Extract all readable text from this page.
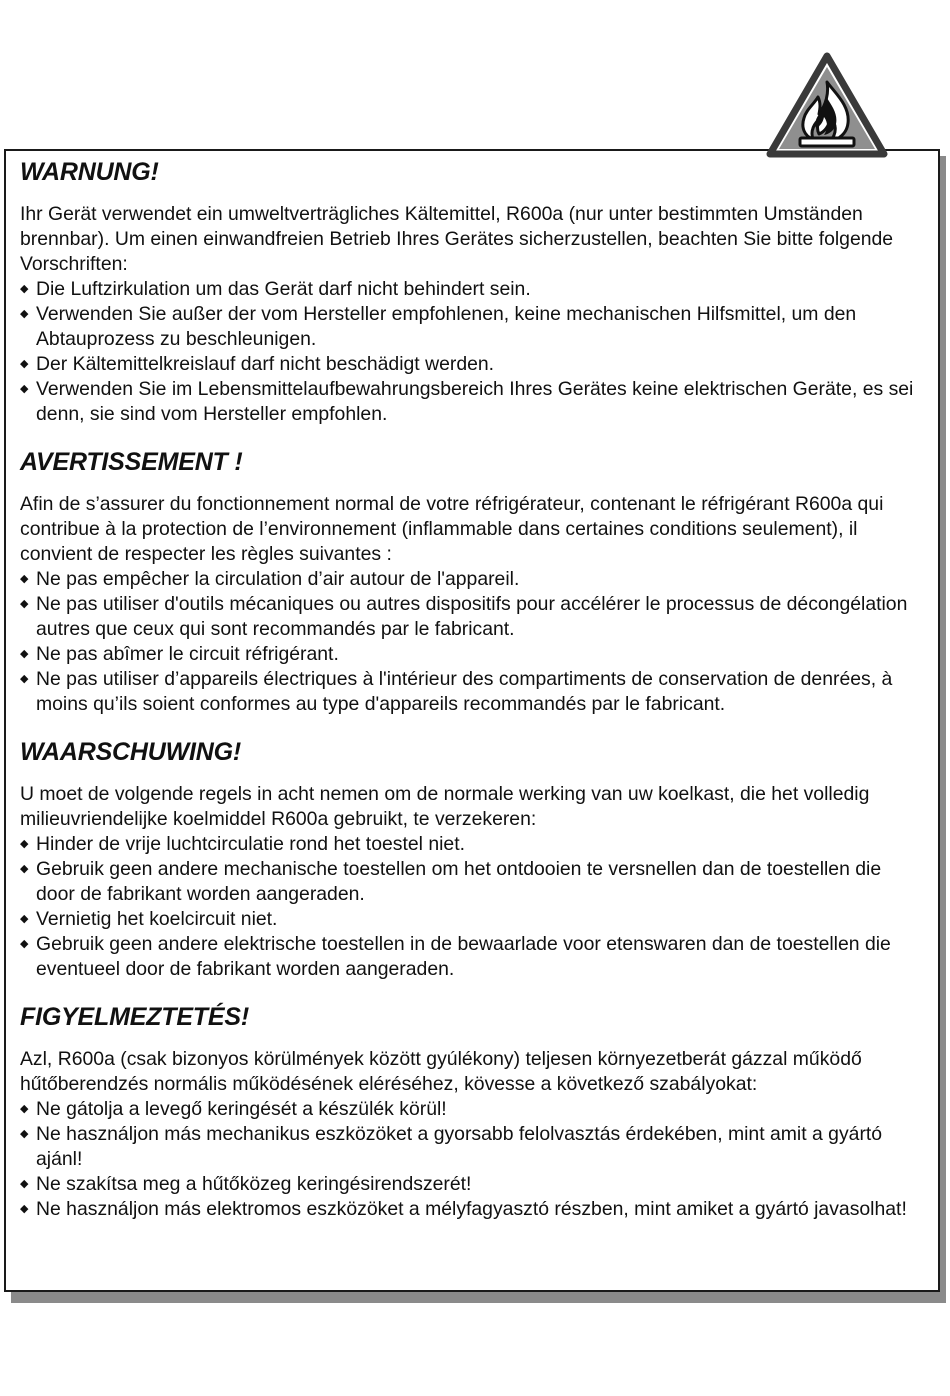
WARNUNG!

Ihr Gerät verwendet ein umweltverträgliches Kältemittel, R600a (nur unter bestimmten Umständen brennbar). Um einen einwandfreien Betrieb Ihres Gerätes sicherzustellen, beachten Sie bitte folgende Vorschriften:

◆ Die Luftzirkulation um das Gerät darf nicht behindert sein.
◆ Verwenden Sie außer der vom Hersteller empfohlenen, keine mechanischen Hilfsmittel, um den Abtauprozess zu beschleunigen.
◆ Der Kältemittelkreislauf darf nicht beschädigt werden.
◆ Verwenden Sie im Lebensmittelaufbewahrungsbereich Ihres Gerätes keine elektrischen Geräte, es sei denn, sie sind vom Hersteller empfohlen.
AVERTISSEMENT !

Afin de s’assurer du fonctionnement normal de votre réfrigérateur, contenant le réfrigérant R600a qui contribue à la protection de l’environnement (inflammable dans certaines conditions seulement), il convient de respecter les règles suivantes :

◆ Ne pas empêcher la circulation d’air autour de l'appareil.
◆ Ne pas utiliser d'outils mécaniques ou autres dispositifs pour accélérer le processus de décongélation autres que ceux qui sont recommandés par le fabricant.
◆ Ne pas abîmer le circuit réfrigérant.
◆ Ne pas utiliser d’appareils électriques à l'intérieur des compartiments de conservation de denrées, à moins qu’ils soient conformes au type d'appareils recommandés par le fabricant.
WAARSCHUWING!

U moet de volgende regels in acht nemen om de normale werking van uw koelkast, die het volledig milieuvriendelijke koelmiddel R600a gebruikt, te verzekeren:

◆ Hinder de vrije luchtcirculatie rond het toestel niet.
◆ Gebruik geen andere mechanische toestellen om het ontdooien te versnellen dan de toestellen die door de fabrikant worden aangeraden.
◆ Vernietig het koelcircuit niet.
◆ Gebruik geen andere elektrische toestellen in de bewaarlade voor etenswaren dan de toestellen die eventueel door de fabrikant worden aangeraden.
FIGYELMEZTETÉS!

Azl, R600a (csak bizonyos körülmények között gyúlékony) teljesen környezetberát gázzal működő hűtőberendzés normális működésének eléréséhez, kövesse a következő szabályokat:

◆ Ne gátolja a levegő keringését a készülék körül!
◆ Ne használjon más mechanikus eszközöket a gyorsabb felolvasztás érdekében, mint amit a gyártó ajánl!
◆ Ne szakítsa meg a hűtőközeg keringésirendszerét!
◆ Ne használjon más elektromos eszközöket a mélyfagyasztó részben, mint amiket a gyártó javasolhat!
